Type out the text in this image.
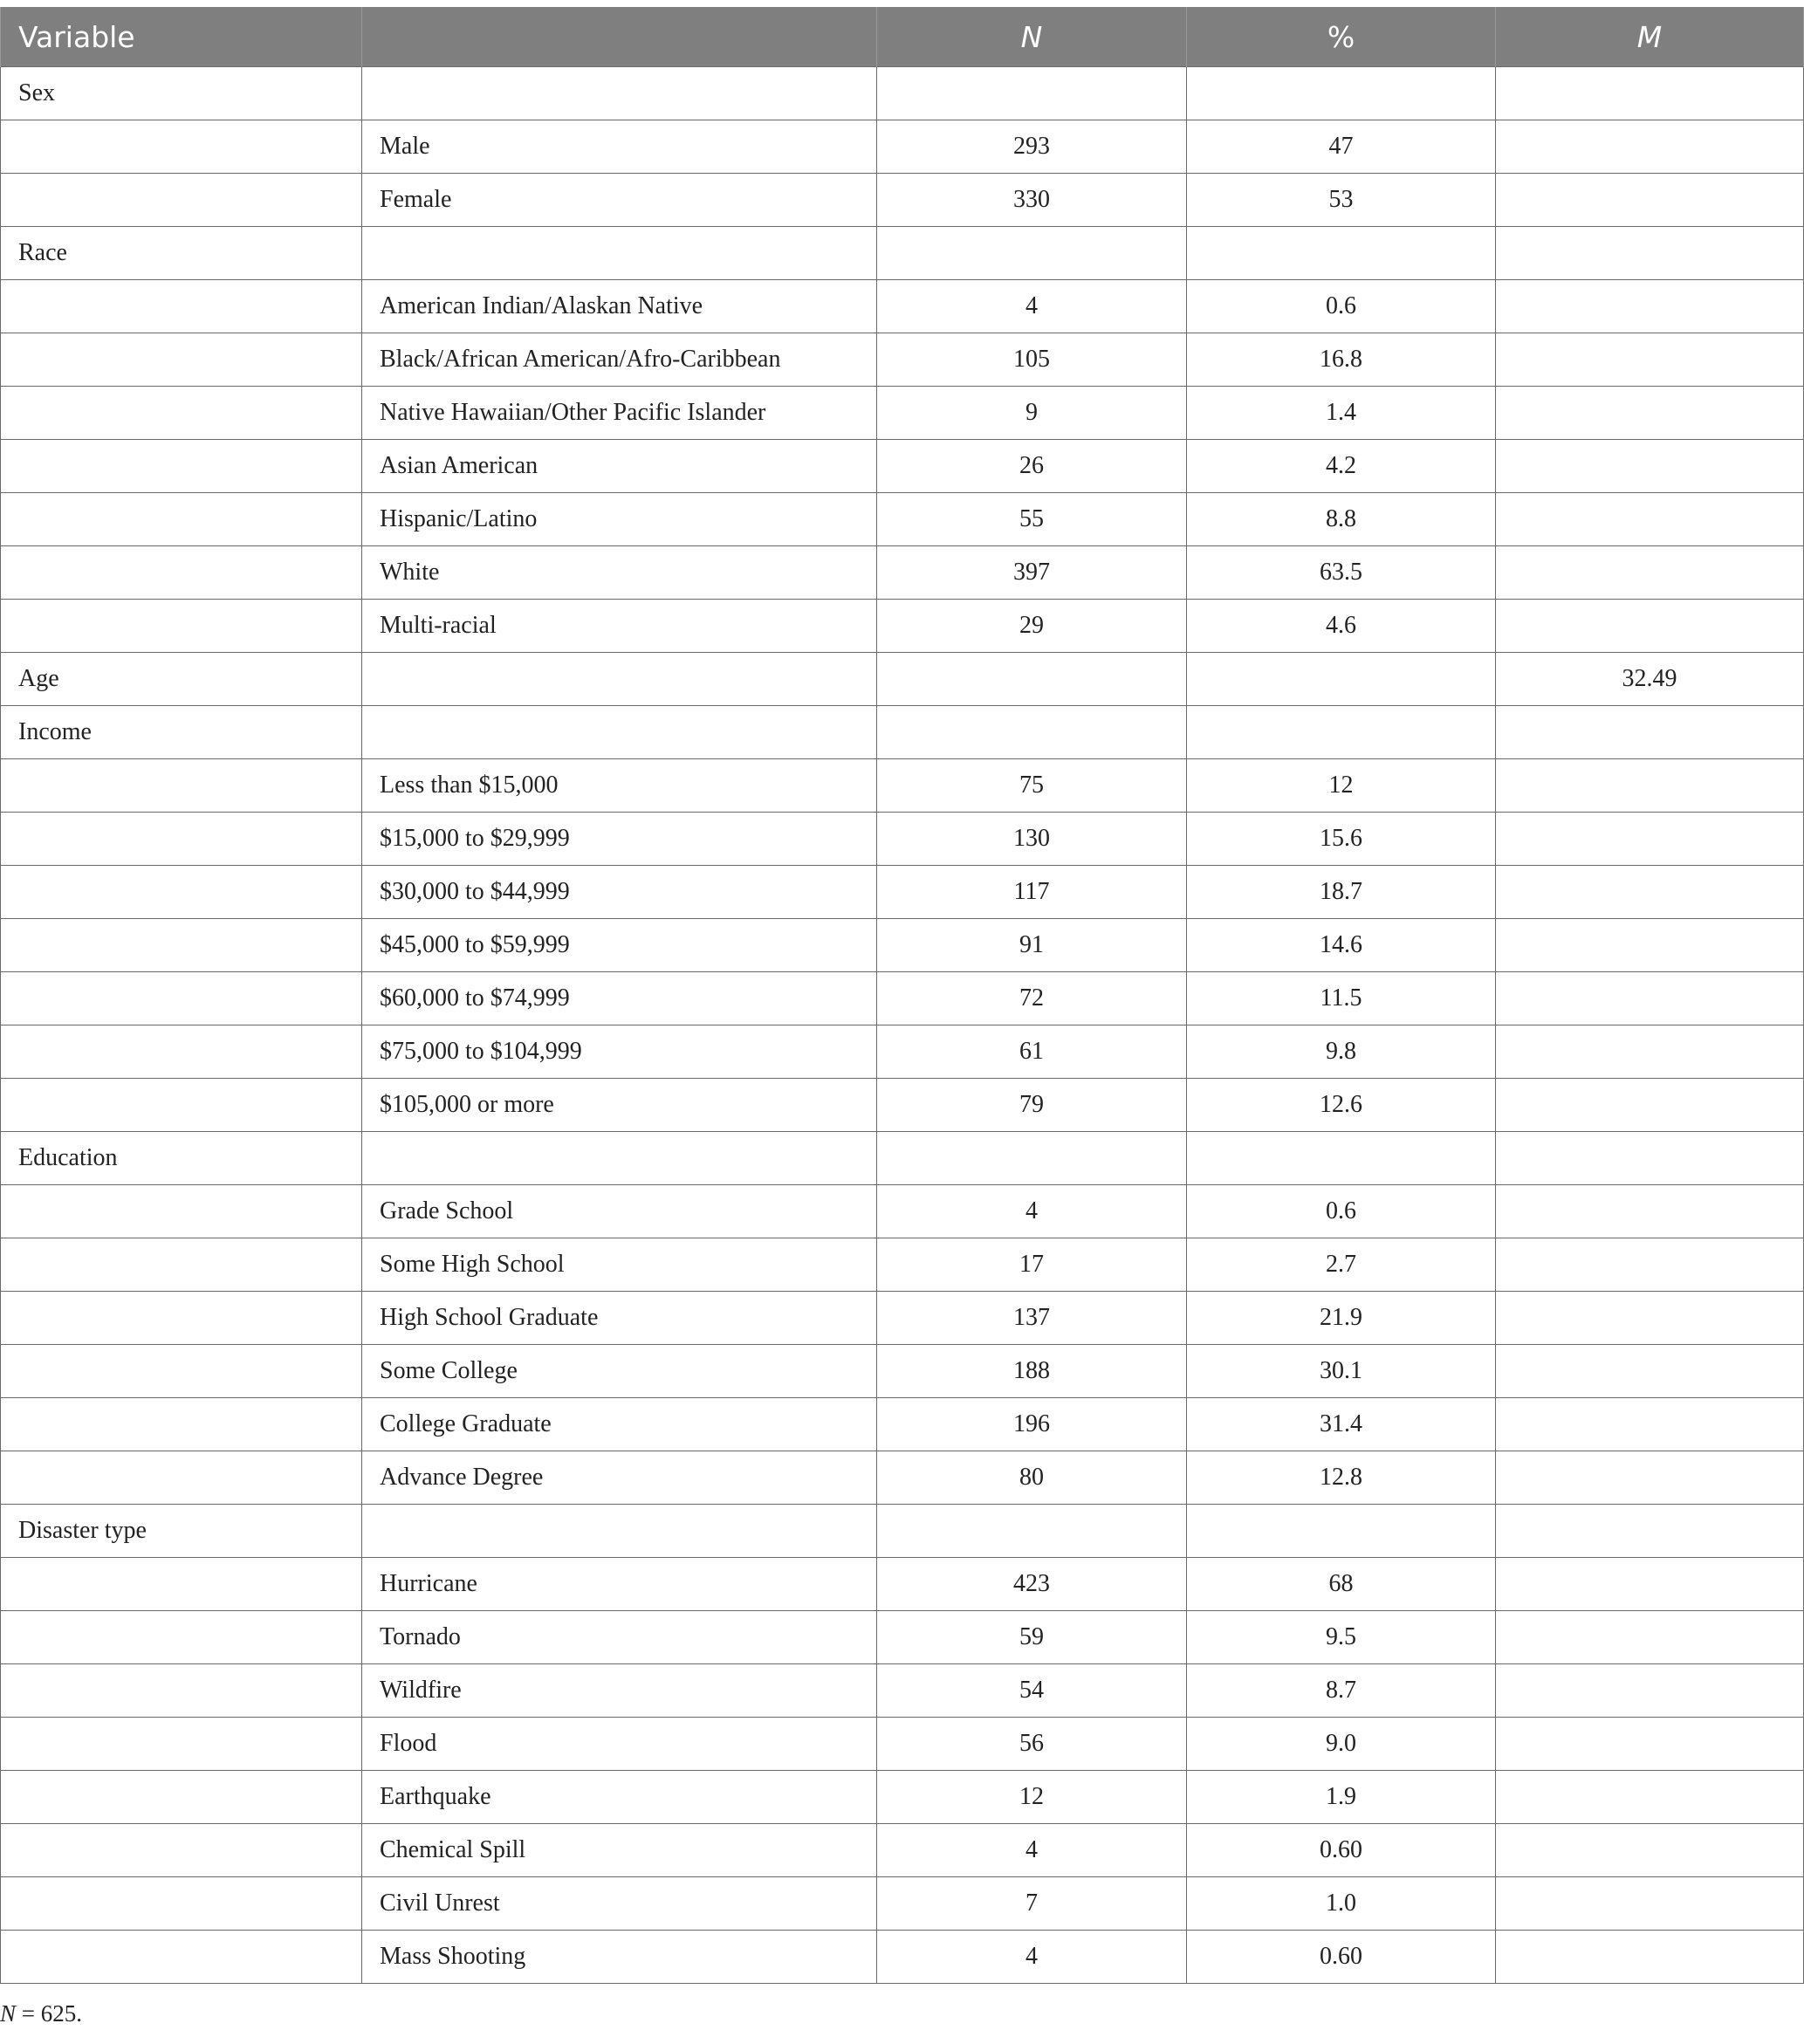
Variable		N	%	M
Sex				
	Male	293	47	
	Female	330	53	
Race				
	American Indian/Alaskan Native	4	0.6	
	Black/African American/Afro-Caribbean	105	16.8	
	Native Hawaiian/Other Pacific Islander	9	1.4	
	Asian American	26	4.2	
	Hispanic/Latino	55	8.8	
	White	397	63.5	
	Multi-racial	29	4.6	
Age				32.49
Income				
	Less than $15,000	75	12	
	$15,000 to $29,999	130	15.6	
	$30,000 to $44,999	117	18.7	
	$45,000 to $59,999	91	14.6	
	$60,000 to $74,999	72	11.5	
	$75,000 to $104,999	61	9.8	
	$105,000 or more	79	12.6	
Education				
	Grade School	4	0.6	
	Some High School	17	2.7	
	High School Graduate	137	21.9	
	Some College	188	30.1	
	College Graduate	196	31.4	
	Advance Degree	80	12.8	
Disaster type				
	Hurricane	423	68	
	Tornado	59	9.5	
	Wildfire	54	8.7	
	Flood	56	9.0	
	Earthquake	12	1.9	
	Chemical Spill	4	0.60	
	Civil Unrest	7	1.0	
	Mass Shooting	4	0.60	
N = 625.
